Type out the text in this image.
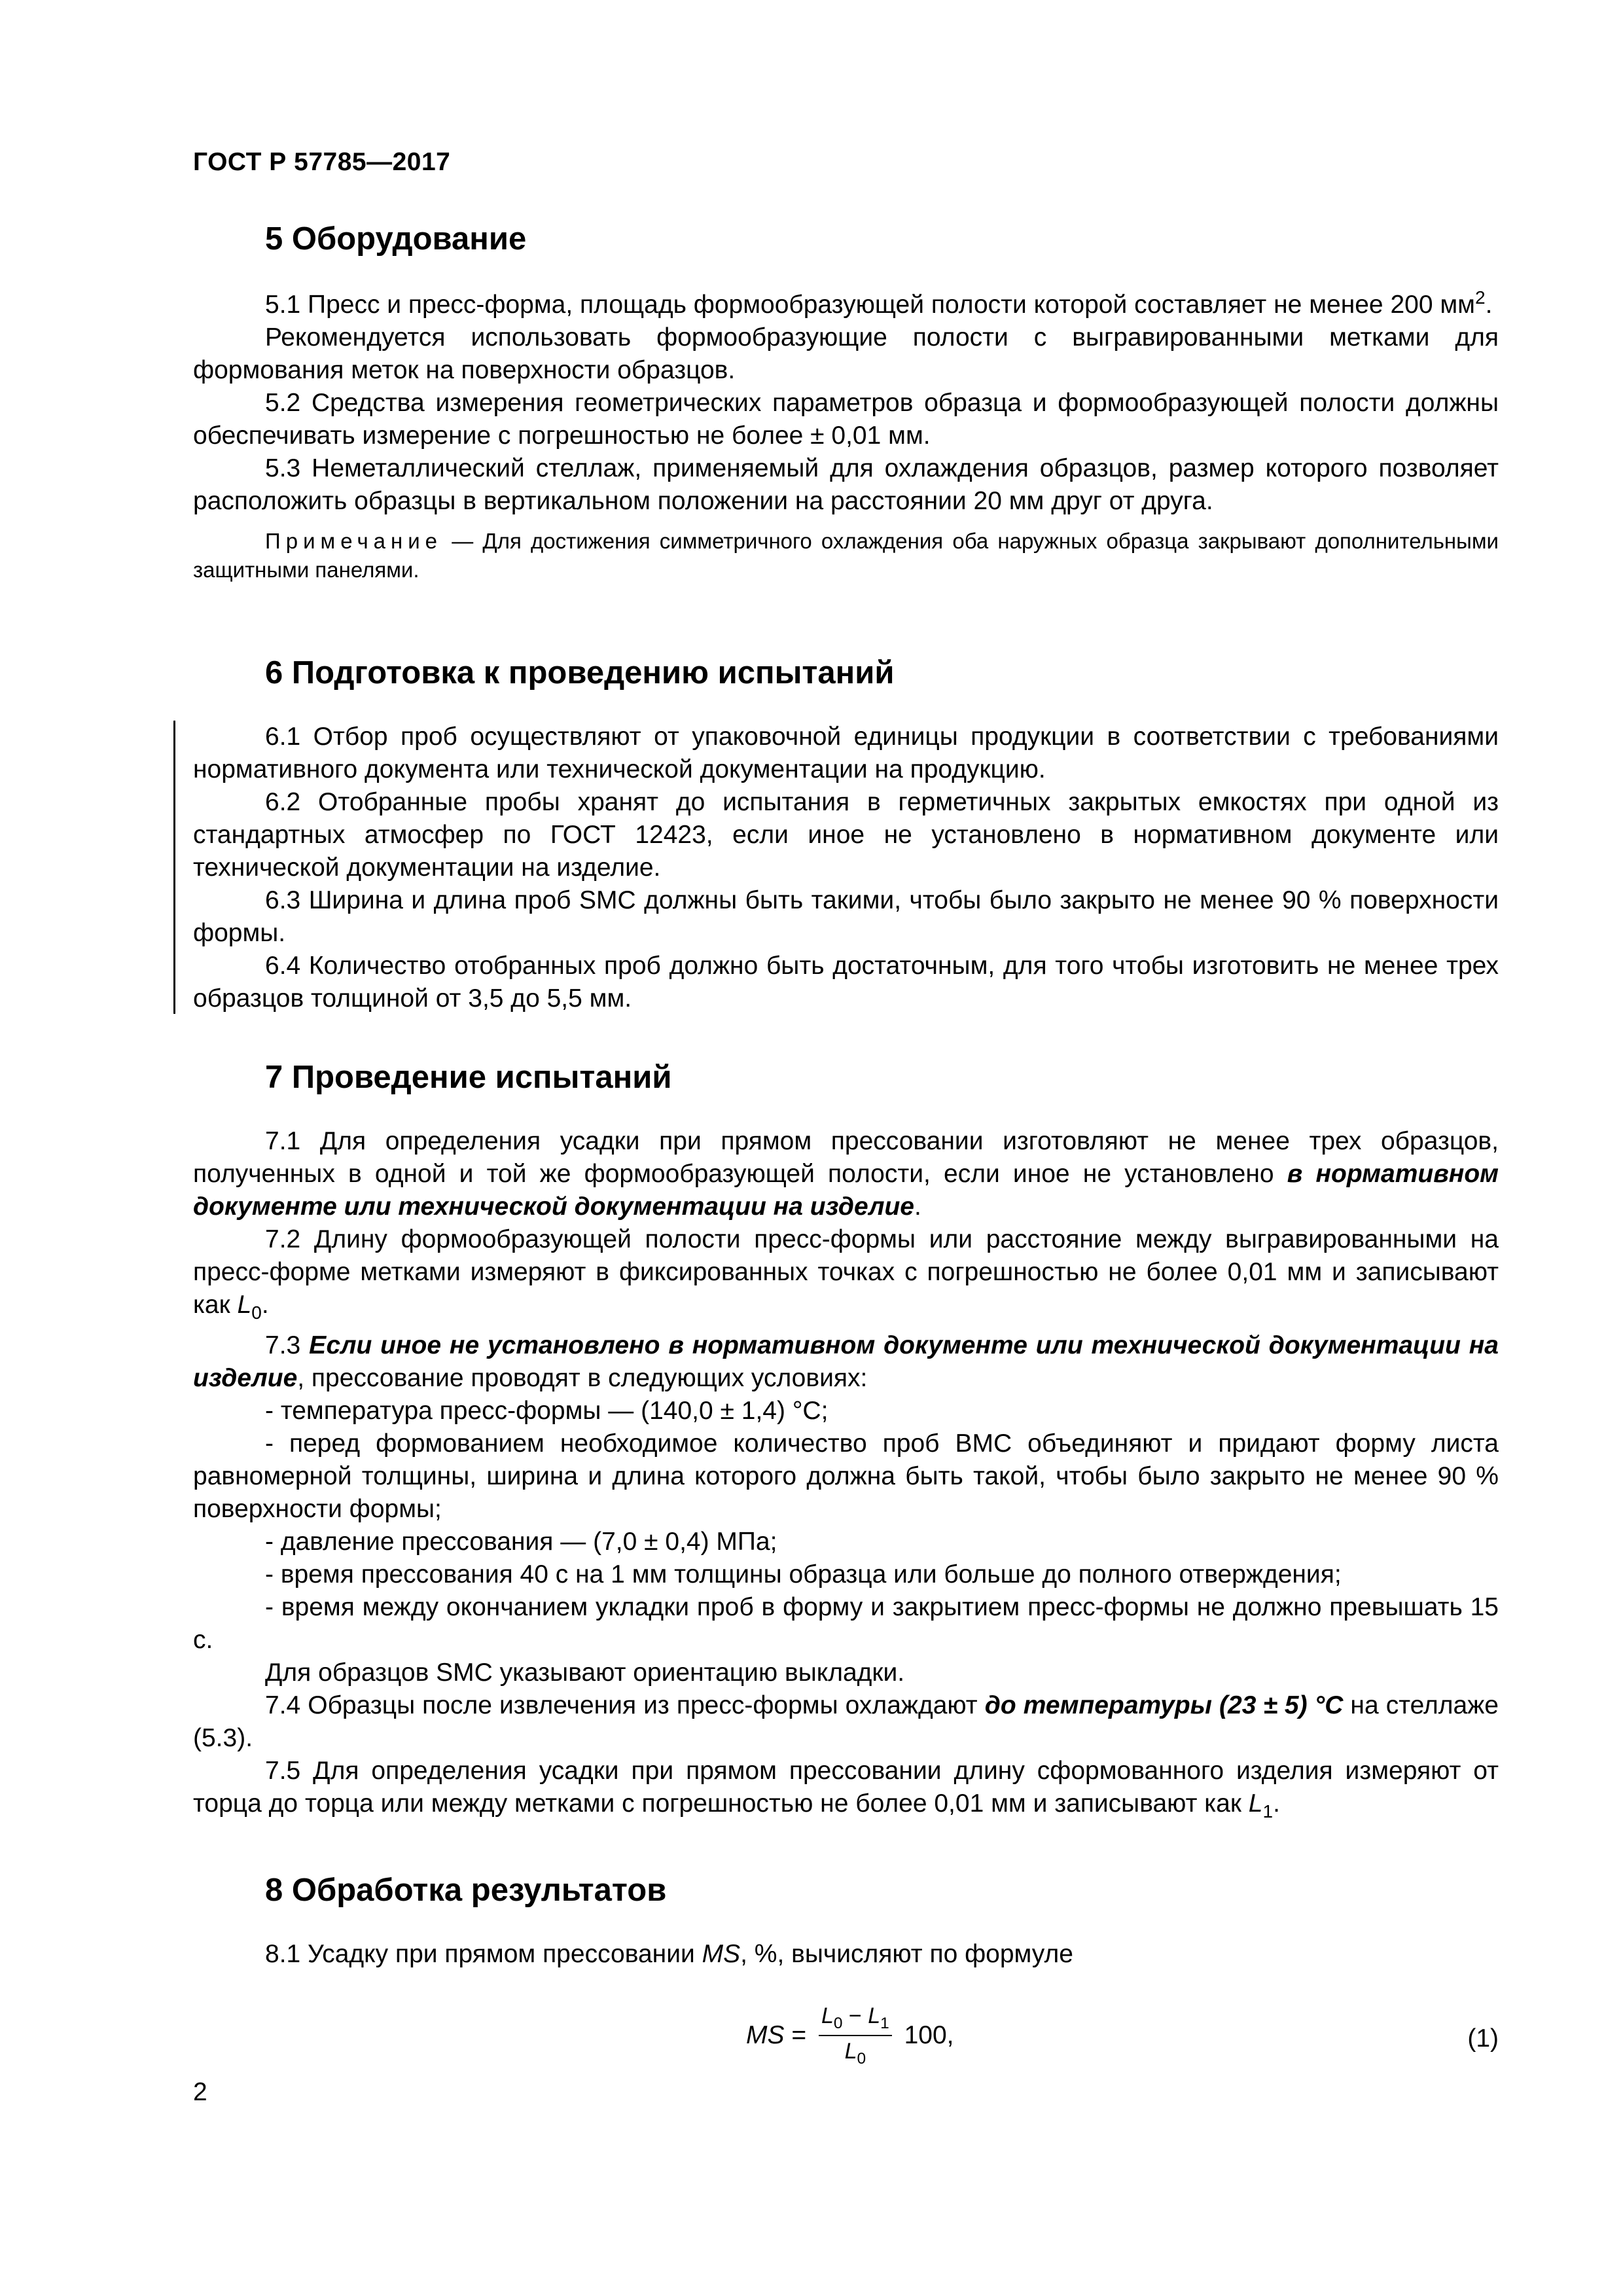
ГОСТ Р 57785—2017
5 Оборудование

5.1 Пресс и пресс-форма, площадь формообразующей полости которой составляет не менее 200 $мм^2$.

Рекомендуется использовать формообразующие полости с выгравированными метками для формования меток на поверхности образцов.

5.2 Средства измерения геометрических параметров образца и формообразующей полости должны обеспечивать измерение с погрешностью не более ± 0,01 мм.

5.3 Неметаллический стеллаж, применяемый для охлаждения образцов, размер которого позволяет расположить образцы в вертикальном положении на расстоянии 20 мм друг от друга.

Примечание — Для достижения симметричного охлаждения оба наружных образца закрывают дополнительными защитными панелями.

6 Подготовка к проведению испытаний

6.1 Отбор проб осуществляют от упаковочной единицы продукции в соответствии с требованиями нормативного документа или технической документации на продукцию.

6.2 Отобранные пробы хранят до испытания в герметичных закрытых емкостях при одной из стандартных атмосфер по ГОСТ 12423, если иное не установлено в нормативном документе или технической документации на изделие.

6.3 Ширина и длина проб SMC должны быть такими, чтобы было закрыто не менее 90 % поверхности формы.

6.4 Количество отобранных проб должно быть достаточным, для того чтобы изготовить не менее трех образцов толщиной от 3,5 до 5,5 мм.

7 Проведение испытаний

7.1 Для определения усадки при прямом прессовании изготовляют не менее трех образцов, полученных в одной и той же формообразующей полости, если иное не установлено в нормативном документе или технической документации на изделие.

7.2 Длину формообразующей полости пресс-формы или расстояние между выгравированными на пресс-форме метками измеряют в фиксированных точках с погрешностью не более 0,01 мм и записывают как $L_0$.

7.3 Если иное не установлено в нормативном документе или технической документации на изделие, прессование проводят в следующих условиях:

- температура пресс-формы — (140,0 ± 1,4) °С;

- перед формованием необходимое количество проб BMC объединяют и придают форму листа равномерной толщины, ширина и длина которого должна быть такой, чтобы было закрыто не менее 90 % поверхности формы;

- давление прессования — (7,0 ± 0,4) МПа;

- время прессования 40 с на 1 мм толщины образца или больше до полного отверждения;

- время между окончанием укладки проб в форму и закрытием пресс-формы не должно превышать 15 с.

Для образцов SMC указывают ориентацию выкладки.

7.4 Образцы после извлечения из пресс-формы охлаждают до температуры (23 ± 5) °С на стеллаже (5.3).

7.5 Для определения усадки при прямом прессовании длину сформованного изделия измеряют от торца до торца или между метками с погрешностью не более 0,01 мм и записывают как $L_1$.

8 Обработка результатов

8.1 Усадку при прямом прессовании MS, %, вычисляют по формуле

MS = $\frac{L_0 - L_1}{L_0} 100$,	(1)
2
